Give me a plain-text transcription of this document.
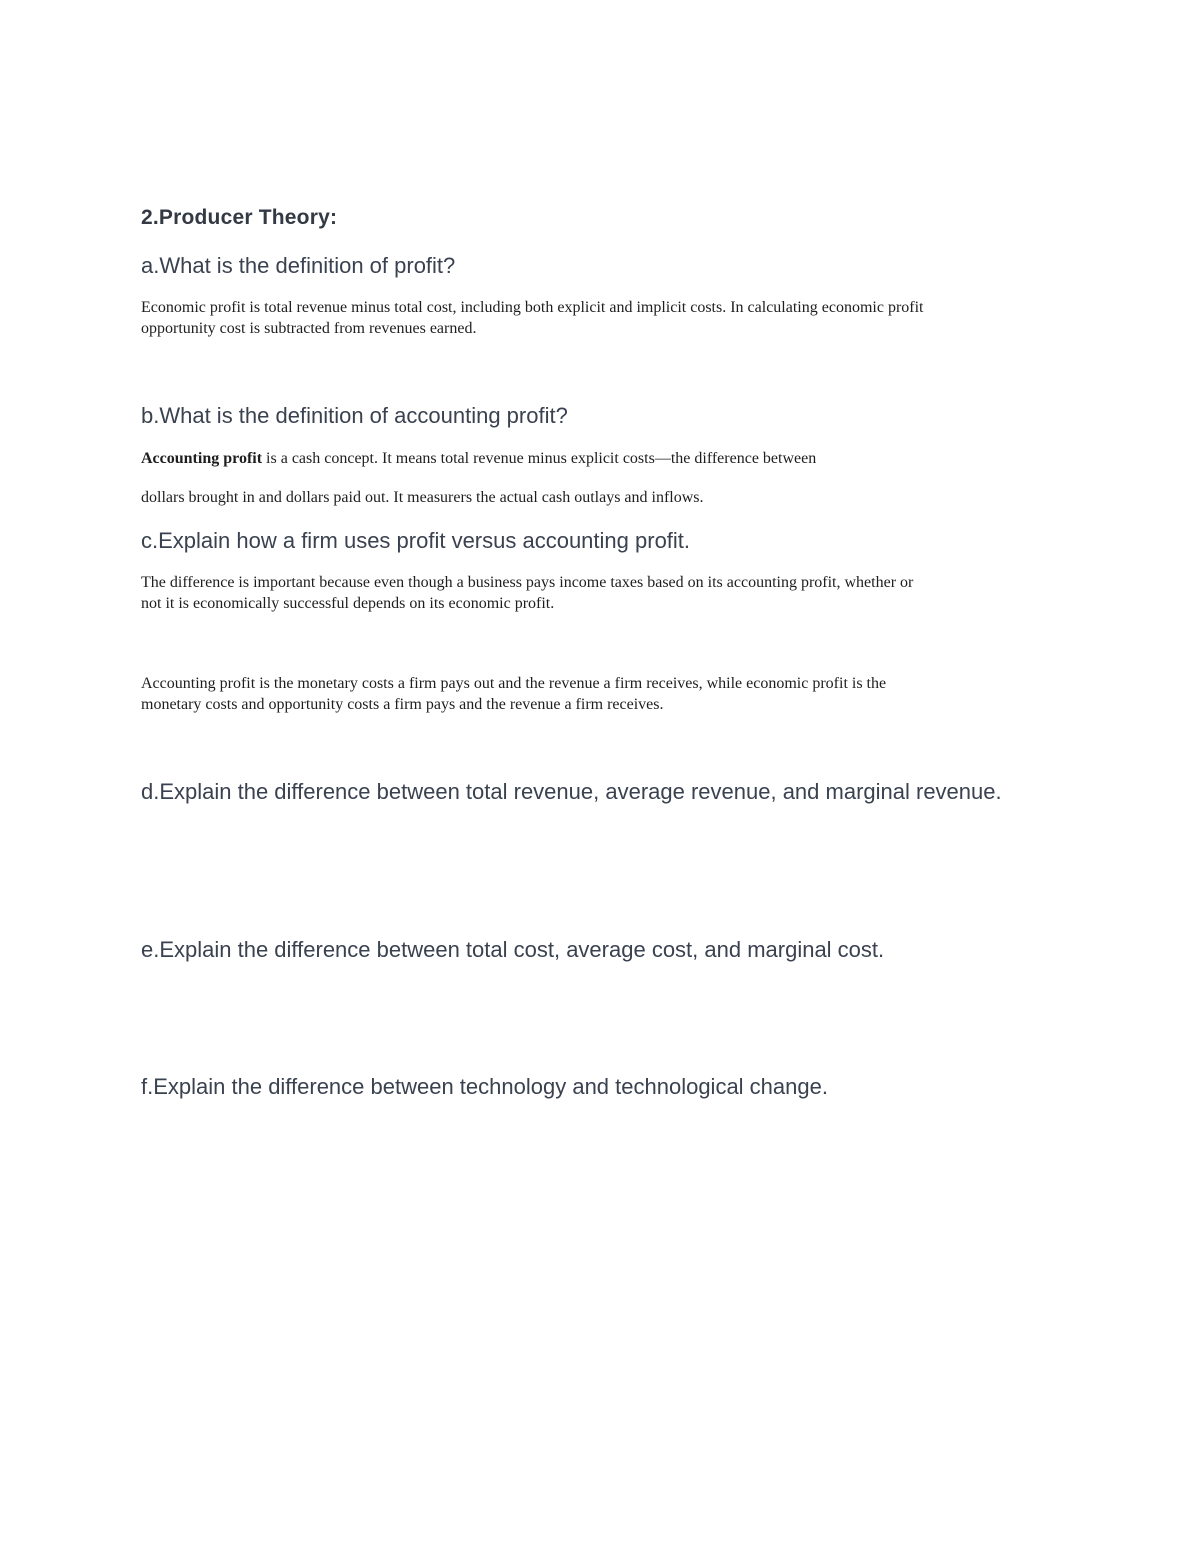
2.Producer Theory:
a.What is the definition of profit?
Economic profit is total revenue minus total cost, including both explicit and implicit costs. In calculating economic profit
opportunity cost is subtracted from revenues earned.
b.What is the definition of accounting profit?
Accounting profit is a cash concept. It means total revenue minus explicit costs—the difference between
dollars brought in and dollars paid out. It measurers the actual cash outlays and inflows.
c.Explain how a firm uses profit versus accounting profit.
The difference is important because even though a business pays income taxes based on its accounting profit, whether or
not it is economically successful depends on its economic profit.
Accounting profit is the monetary costs a firm pays out and the revenue a firm receives, while economic profit is the
monetary costs and opportunity costs a firm pays and the revenue a firm receives.
d.Explain the difference between total revenue, average revenue, and marginal revenue.
e.Explain the difference between total cost, average cost, and marginal cost.
f.Explain the difference between technology and technological change.
